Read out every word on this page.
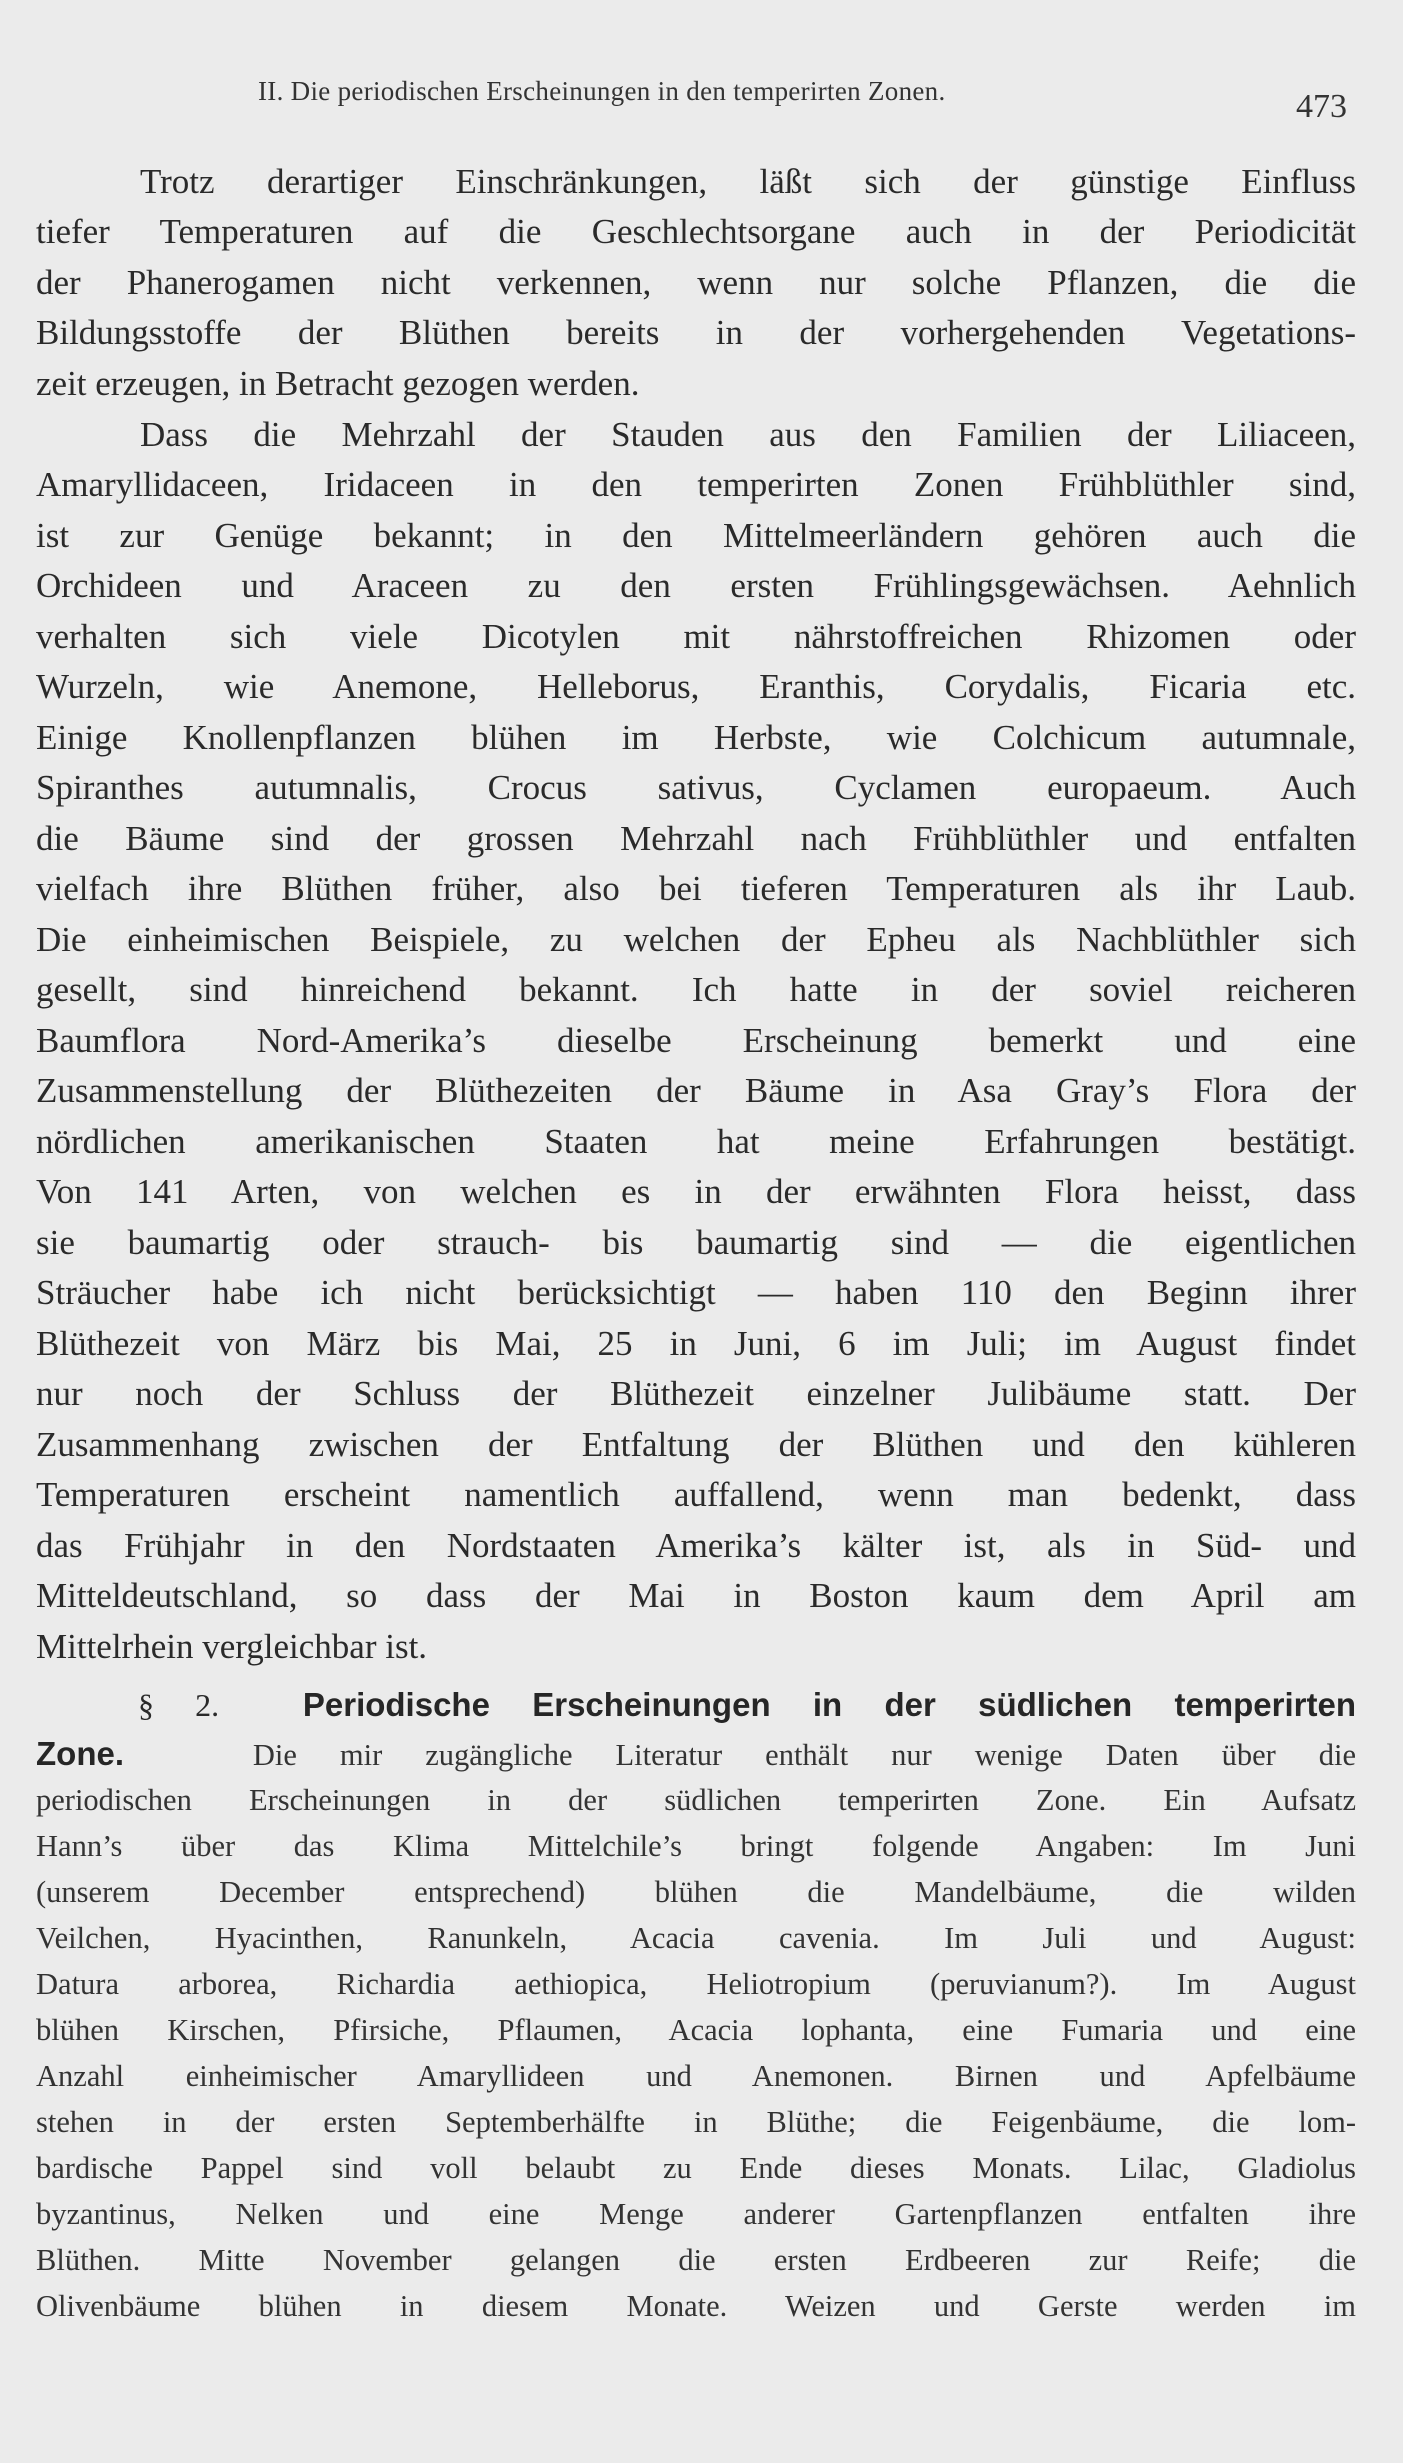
II. Die periodischen Erscheinungen in den temperirten Zonen.	473
Trotz derartiger Einschränkungen, läßt sich der günstige Einfluss
tiefer Temperaturen auf die Geschlechtsorgane auch in der Periodicität
der Phanerogamen nicht verkennen, wenn nur solche Pflanzen, die die
Bildungsstoffe der Blüthen bereits in der vorhergehenden Vegetations-
zeit erzeugen, in Betracht gezogen werden.
Dass die Mehrzahl der Stauden aus den Familien der Liliaceen,
Amaryllidaceen, Iridaceen in den temperirten Zonen Frühblüthler sind,
ist zur Genüge bekannt; in den Mittelmeerländern gehören auch die
Orchideen und Araceen zu den ersten Frühlingsgewächsen. Aehnlich
verhalten sich viele Dicotylen mit nährstoffreichen Rhizomen oder
Wurzeln, wie Anemone, Helleborus, Eranthis, Corydalis, Ficaria etc.
Einige Knollenpflanzen blühen im Herbste, wie Colchicum autumnale,
Spiranthes autumnalis, Crocus sativus, Cyclamen europaeum. Auch
die Bäume sind der grossen Mehrzahl nach Frühblüthler und entfalten
vielfach ihre Blüthen früher, also bei tieferen Temperaturen als ihr Laub.
Die einheimischen Beispiele, zu welchen der Epheu als Nachblüthler sich
gesellt, sind hinreichend bekannt. Ich hatte in der soviel reicheren
Baumflora Nord-Amerika’s dieselbe Erscheinung bemerkt und eine
Zusammenstellung der Blüthezeiten der Bäume in Asa Gray’s Flora der
nördlichen amerikanischen Staaten hat meine Erfahrungen bestätigt.
Von 141 Arten, von welchen es in der erwähnten Flora heisst, dass
sie baumartig oder strauch- bis baumartig sind — die eigentlichen
Sträucher habe ich nicht berücksichtigt — haben 110 den Beginn ihrer
Blüthezeit von März bis Mai, 25 in Juni, 6 im Juli; im August findet
nur noch der Schluss der Blüthezeit einzelner Julibäume statt. Der
Zusammenhang zwischen der Entfaltung der Blüthen und den kühleren
Temperaturen erscheint namentlich auffallend, wenn man bedenkt, dass
das Frühjahr in den Nordstaaten Amerika’s kälter ist, als in Süd- und
Mitteldeutschland, so dass der Mai in Boston kaum dem April am
Mittelrhein vergleichbar ist.
§ 2.	Periodische Erscheinungen in der südlichen temperirten
Zone.	Die mir zugängliche Literatur enthält nur wenige Daten über die
periodischen Erscheinungen in der südlichen temperirten Zone. Ein Aufsatz
Hann’s über das Klima Mittelchile’s bringt folgende Angaben: Im Juni
(unserem December entsprechend) blühen die Mandelbäume, die wilden
Veilchen, Hyacinthen, Ranunkeln, Acacia cavenia. Im Juli und August:
Datura arborea, Richardia aethiopica, Heliotropium (peruvianum?). Im August
blühen Kirschen, Pfirsiche, Pflaumen, Acacia lophanta, eine Fumaria und eine
Anzahl einheimischer Amaryllideen und Anemonen. Birnen und Apfelbäume
stehen in der ersten Septemberhälfte in Blüthe; die Feigenbäume, die lom-
bardische Pappel sind voll belaubt zu Ende dieses Monats. Lilac, Gladiolus
byzantinus, Nelken und eine Menge anderer Gartenpflanzen entfalten ihre
Blüthen. Mitte November gelangen die ersten Erdbeeren zur Reife; die
Olivenbäume blühen in diesem Monate. Weizen und Gerste werden im
